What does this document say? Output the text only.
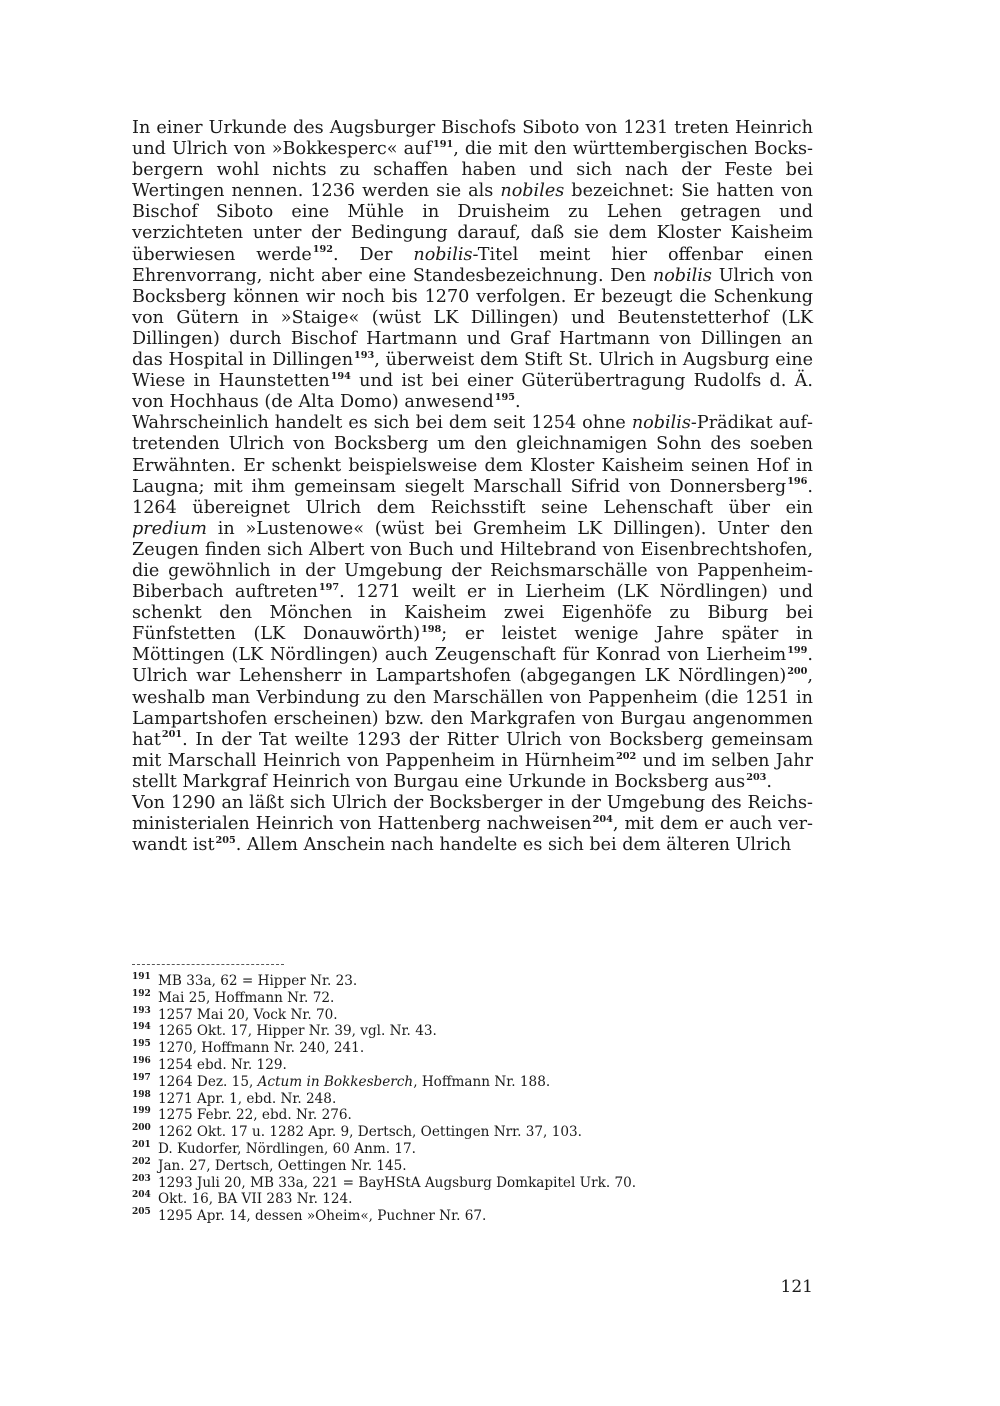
In einer Urkunde des Augsburger Bischofs Siboto von 1231 treten Heinrich und Ulrich von »Bokkesperc« auf$^{191}$, die mit den württembergischen Bocksbergern wohl nichts zu schaffen haben und sich nach der Feste bei Wertingen nennen. 1236 werden sie als nobiles bezeichnet: Sie hatten von Bischof Siboto eine Mühle in Druisheim zu Lehen getragen und verzichteten unter der Bedingung darauf, daß sie dem Kloster Kaisheim überwiesen werde$^{192}$. Der nobilis-Titel meint hier offenbar einen Ehrenvorrang, nicht aber eine Standesbezeichnung. Den nobilis Ulrich von Bocksberg können wir noch bis 1270 verfolgen. Er bezeugt die Schenkung von Gütern in »Staige« (wüst LK Dillingen) und Beutenstetterhof (LK Dillingen) durch Bischof Hartmann und Graf Hartmann von Dillingen an das Hospital in Dillingen$^{193}$, überweist dem Stift St. Ulrich in Augsburg eine Wiese in Haunstetten$^{194}$ und ist bei einer Güterübertragung Rudolfs d. Ä. von Hochhaus (de Alta Domo) anwesend$^{195}$.

Wahrscheinlich handelt es sich bei dem seit 1254 ohne nobilis-Prädikat auftretenden Ulrich von Bocksberg um den gleichnamigen Sohn des soeben Erwähnten. Er schenkt beispielsweise dem Kloster Kaisheim seinen Hof in Laugna; mit ihm gemeinsam siegelt Marschall Sifrid von Donnersberg$^{196}$. 1264 übereignet Ulrich dem Reichsstift seine Lehenschaft über ein predium in »Lustenowe« (wüst bei Gremheim LK Dillingen). Unter den Zeugen finden sich Albert von Buch und Hiltebrand von Eisenbrechtshofen, die gewöhnlich in der Umgebung der Reichsmarschälle von Pappenheim-Biberbach auftreten$^{197}$. 1271 weilt er in Lierheim (LK Nördlingen) und schenkt den Mönchen in Kaisheim zwei Eigenhöfe zu Biburg bei Fünfstetten (LK Donauwörth)$^{198}$; er leistet wenige Jahre später in Möttingen (LK Nördlingen) auch Zeugenschaft für Konrad von Lierheim$^{199}$. Ulrich war Lehensherr in Lampartshofen (abgegangen LK Nördlingen)$^{200}$, weshalb man Verbindung zu den Marschällen von Pappenheim (die 1251 in Lampartshofen erscheinen) bzw. den Markgrafen von Burgau angenommen hat$^{201}$. In der Tat weilte 1293 der Ritter Ulrich von Bocksberg gemeinsam mit Marschall Heinrich von Pappenheim in Hürnheim$^{202}$ und im selben Jahr stellt Markgraf Heinrich von Burgau eine Urkunde in Bocksberg aus$^{203}$.

Von 1290 an läßt sich Ulrich der Bocksberger in der Umgebung des Reichsministerialen Heinrich von Hattenberg nachweisen$^{204}$, mit dem er auch verwandt ist$^{205}$. Allem Anschein nach handelte es sich bei dem älteren Ulrich

191 MB 33a, 62 = Hipper Nr. 23.
192 Mai 25, Hoffmann Nr. 72.
193 1257 Mai 20, Vock Nr. 70.
194 1265 Okt. 17, Hipper Nr. 39, vgl. Nr. 43.
195 1270, Hoffmann Nr. 240, 241.
196 1254 ebd. Nr. 129.
197 1264 Dez. 15, Actum in Bokkesberch, Hoffmann Nr. 188.
198 1271 Apr. 1, ebd. Nr. 248.
199 1275 Febr. 22, ebd. Nr. 276.
200 1262 Okt. 17 u. 1282 Apr. 9, Dertsch, Oettingen Nrr. 37, 103.
201 D. Kudorfer, Nördlingen, 60 Anm. 17.
202 Jan. 27, Dertsch, Oettingen Nr. 145.
203 1293 Juli 20, MB 33a, 221 = BayHStA Augsburg Domkapitel Urk. 70.
204 Okt. 16, BA VII 283 Nr. 124.
205 1295 Apr. 14, dessen »Oheim«, Puchner Nr. 67.
121
